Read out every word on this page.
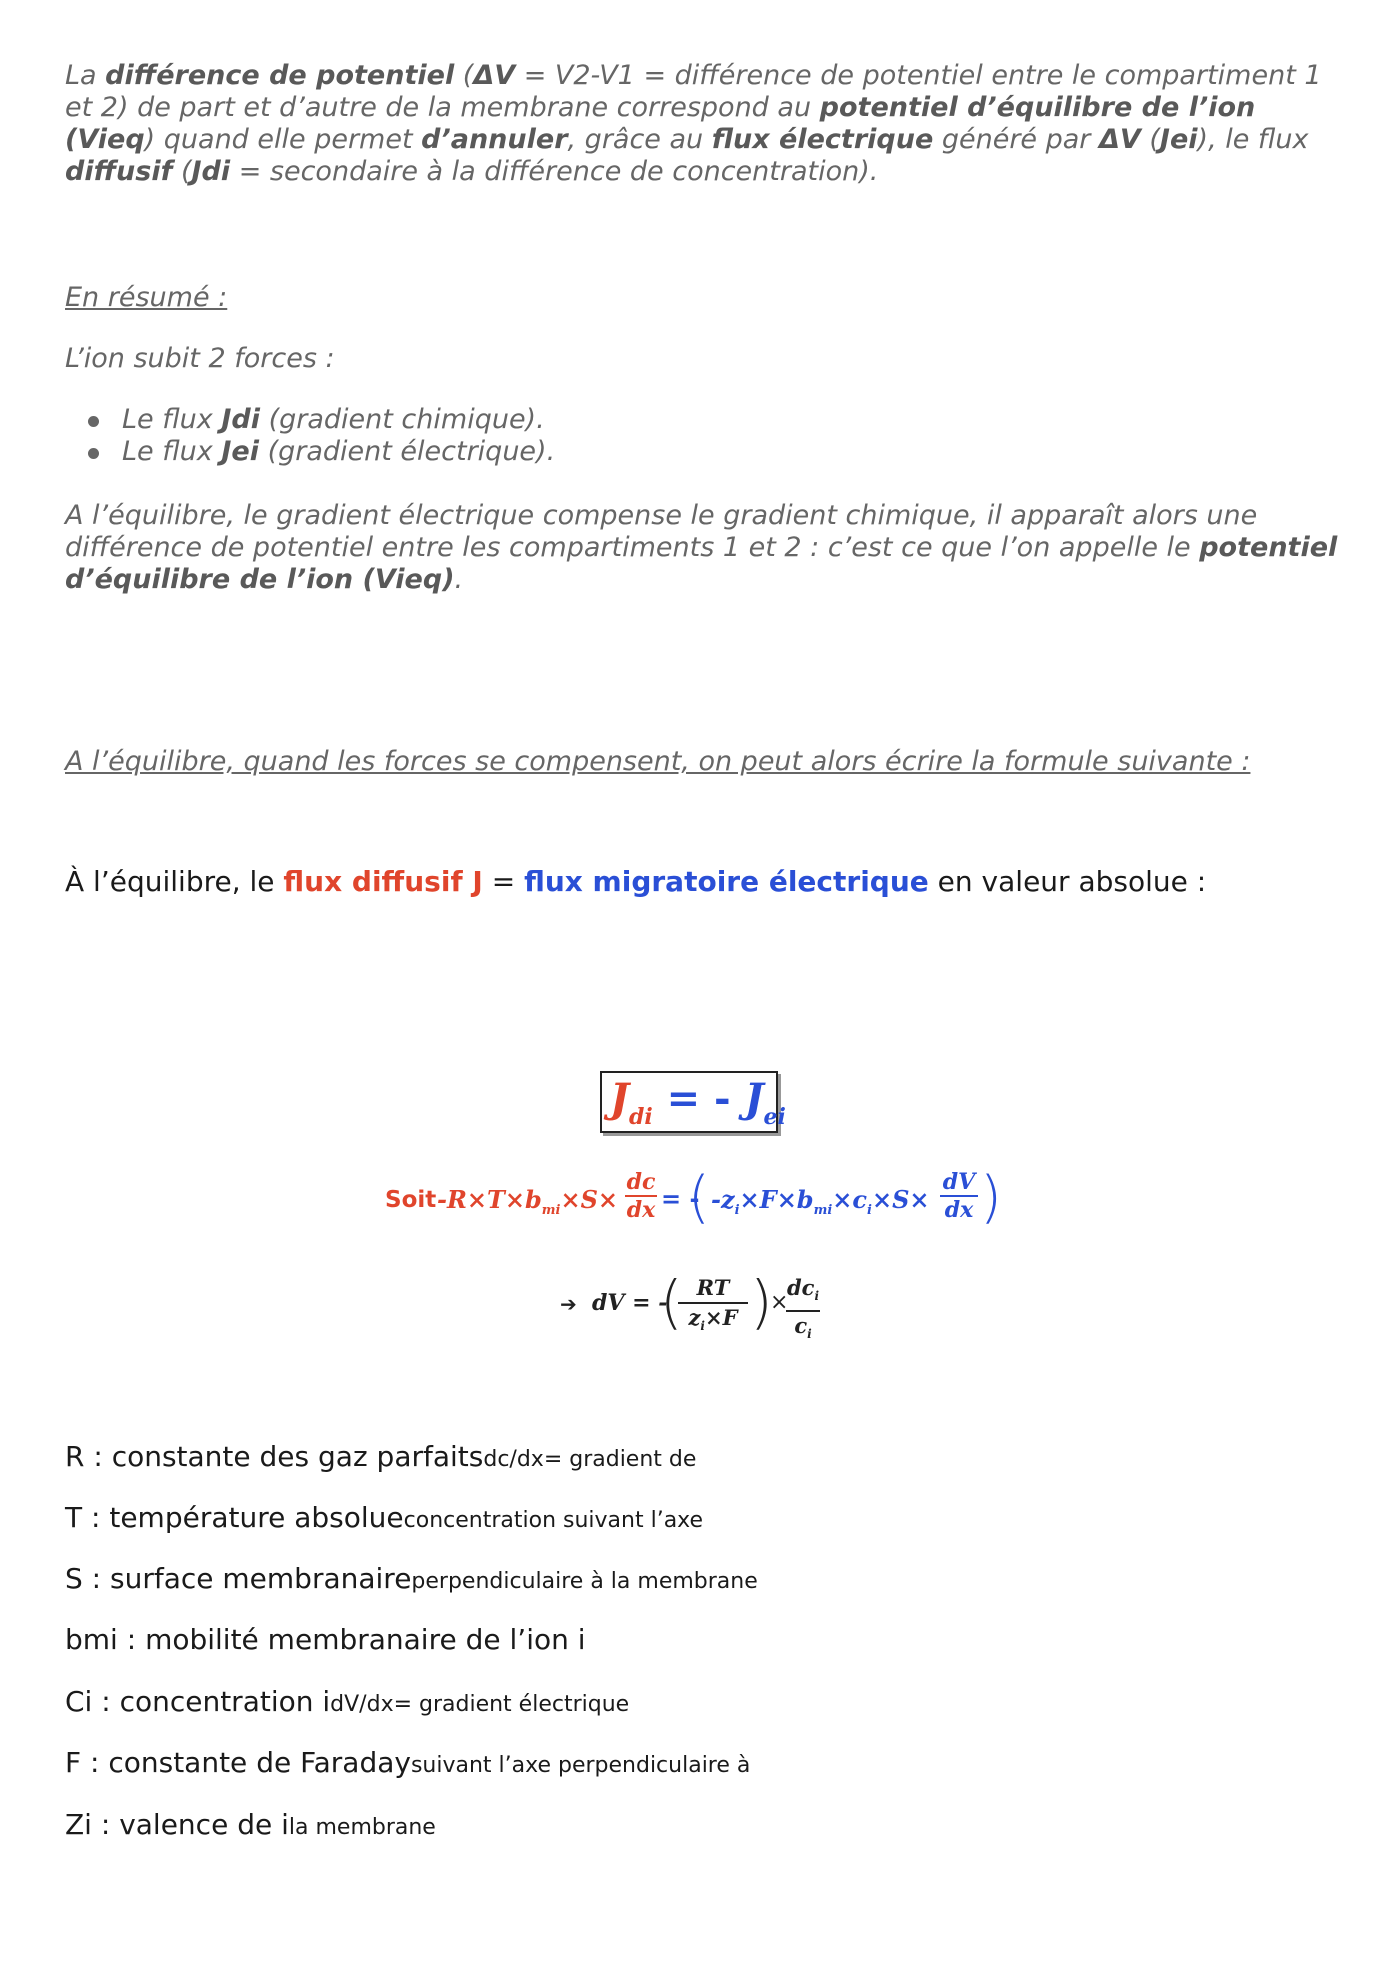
La différence de potentiel (ΔV = V2-V1 = différence de potentiel entre le compartiment 1 et 2) de part et d’autre de la membrane correspond au potentiel d’équilibre de l’ion (Vieq) quand elle permet d’annuler, grâce au flux électrique généré par ΔV (Jei), le flux diffusif (Jdi = secondaire à la différence de concentration).

En résumé :
L’ion subit 2 forces :
Le flux Jdi (gradient chimique).
Le flux Jei (gradient électrique).

A l’équilibre, le gradient électrique compense le gradient chimique, il apparaît alors une différence de potentiel entre les compartiments 1 et 2 : c’est ce que l’on appelle le potentiel d’équilibre de l’ion (Vieq).

A l’équilibre, quand les forces se compensent, on peut alors écrire la formule suivante :
À l’équilibre, le flux diffusif J = flux migratoire électrique en valeur absolue :
$J_{di}$ = - $J_{ei}$
Soit $-R\times T\times b_{mi}\times S\times$
dc
dx = -
( $-z_i\times F\times b_{mi}\times c_i\times S\times$
dV
dx )
➔ dV = -
( RT
$z_i\times F$ )
×
$dc_i$
$c_i$
R : constante des gaz parfaitsdc/dx= gradient de
T : température absolueconcentration suivant l’axe
S : surface membranaireperpendiculaire à la membrane
bmi : mobilité membranaire de l’ion i
Ci : concentration idV/dx= gradient électrique
F : constante de Faradaysuivant l’axe perpendiculaire à
Zi : valence de ila membrane
